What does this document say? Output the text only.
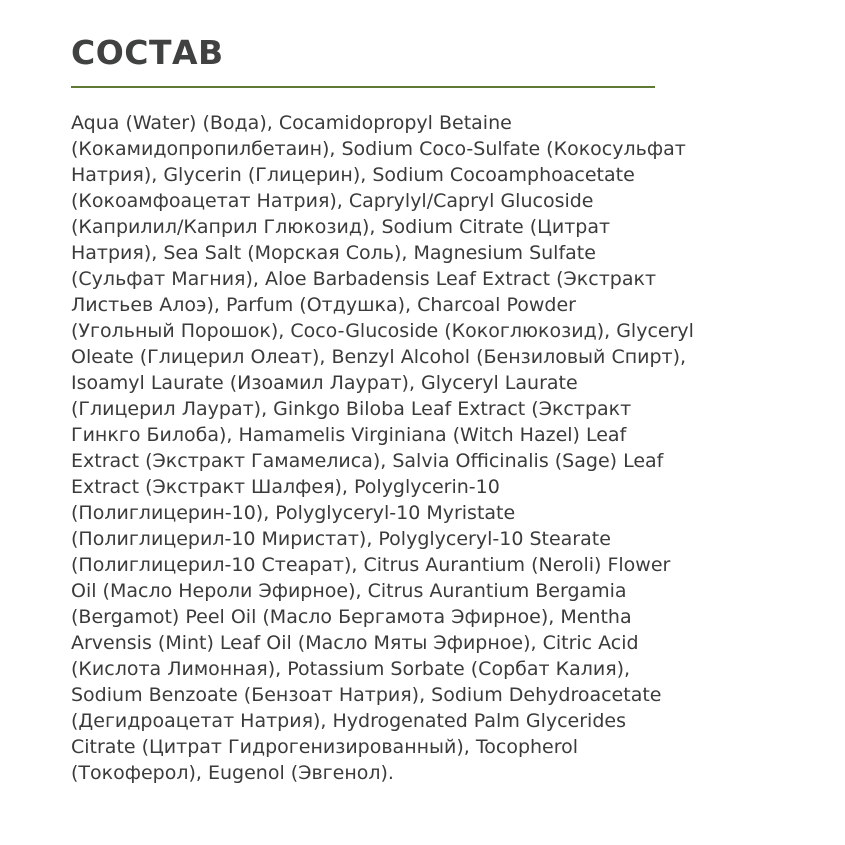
СОСТАВ

Aqua (Water) (Вода), Cocamidopropyl Betaine
(Кокамидопропилбетаин), Sodium Coco-Sulfate (Кокосульфат
Натрия), Glycerin (Глицерин), Sodium Cocoamphoacetate
(Кокоамфоацетат Натрия), Caprylyl/Capryl Glucoside
(Каприлил/Каприл Глюкозид), Sodium Citrate (Цитрат
Натрия), Sea Salt (Морская Соль), Magnesium Sulfate
(Сульфат Магния), Aloe Barbadensis Leaf Extract (Экстракт
Листьев Алоэ), Parfum (Отдушка), Charcoal Powder
(Угольный Порошок), Coco-Glucoside (Кокоглюкозид), Glyceryl
Oleate (Глицерил Олеат), Benzyl Alcohol (Бензиловый Спирт),
Isoamyl Laurate (Изоамил Лаурат), Glyceryl Laurate
(Глицерил Лаурат), Ginkgo Biloba Leaf Extract (Экстракт
Гинкго Билоба), Hamamelis Virginiana (Witch Hazel) Leaf
Extract (Экстракт Гамамелиса), Salvia Officinalis (Sage) Leaf
Extract (Экстракт Шалфея), Polyglycerin-10
(Полиглицерин-10), Polyglyceryl-10 Myristate
(Полиглицерил-10 Миристат), Polyglyceryl-10 Stearate
(Полиглицерил-10 Стеарат), Citrus Aurantium (Neroli) Flower
Oil (Масло Нероли Эфирное), Citrus Aurantium Bergamia
(Bergamot) Peel Oil (Масло Бергамота Эфирное), Mentha
Arvensis (Mint) Leaf Oil (Масло Мяты Эфирное), Citric Acid
(Кислота Лимонная), Potassium Sorbate (Сорбат Калия),
Sodium Benzoate (Бензоат Натрия), Sodium Dehydroacetate
(Дегидроацетат Натрия), Hydrogenated Palm Glycerides
Citrate (Цитрат Гидрогенизированный), Tocopherol
(Токоферол), Eugenol (Эвгенол).
